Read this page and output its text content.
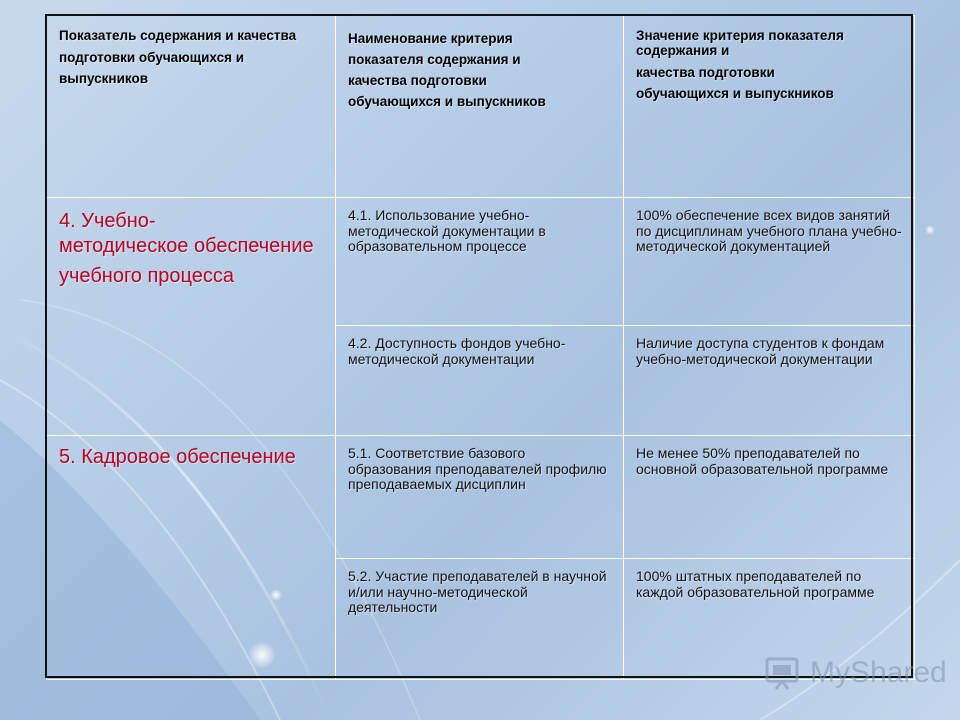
Показатель содержания и качества
подготовки обучающихся и
выпускников	Наименование критерия
показателя содержания и
качества подготовки
обучающихся и выпускников	Значение критерия показателя содержания и
качества подготовки
обучающихся и выпускников

4. Учебно-
методическое обеспечение
учебного процесса	4.1. Использование учебно-методической документации в образовательном процессе	100% обеспечение всех видов занятий по дисциплинам учебного плана учебно-методической документацией

	4.2. Доступность фондов учебно-методической документации	Наличие доступа студентов к фондам учебно-методической документации

5. Кадровое обеспечение	5.1. Соответствие базового образования преподавателей профилю преподаваемых дисциплин	Не менее 50% преподавателей по основной образовательной программе

	5.2. Участие преподавателей в научной и/или научно-методической деятельности	100% штатных преподавателей по каждой образовательной программе
MyShared
